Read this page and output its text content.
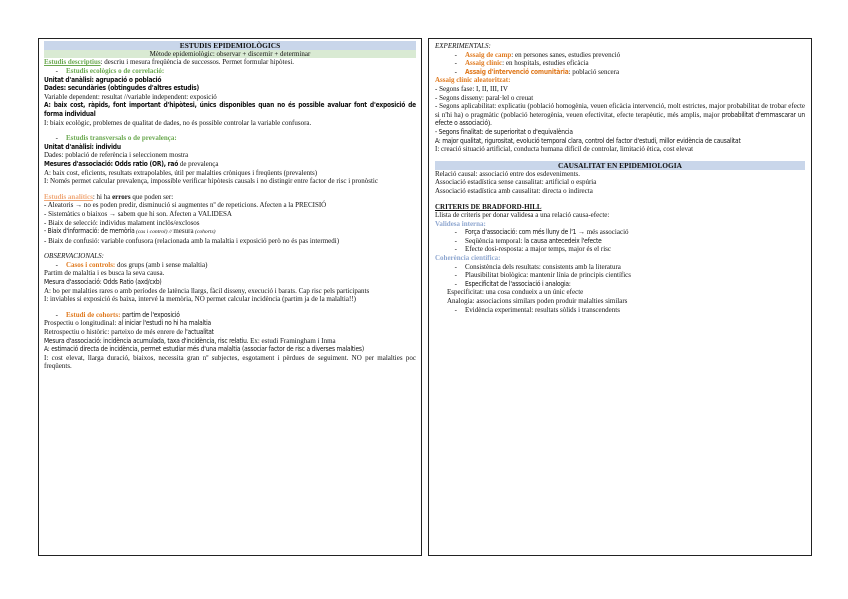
ESTUDIS EPIDEMIOLÒGICS
Mètode epidemiològic: observar + discernir + determinar
Estudis descriptius: descriu i mesura freqüència de successos. Permet formular hipòtesi.
-	Estudis ecològics o de correlació:
Unitat d'anàlisi: agrupació o població
Dades: secundàries (obtingudes d'altres estudis)
Variable dependent: resultat //variable independent: exposició
A: baix cost, ràpids, font important d'hipòtesi, únics disponibles quan no és possible avaluar font d'exposició de forma individual
I: biaix ecològic, problemes de qualitat de dades, no és possible controlar la variable confusora.
-	Estudis transversals o de prevalença:
Unitat d'anàlisi: individu
Dades: població de referència i seleccionem mostra
Mesures d'associació: Odds ratio (OR), raó de prevalença
A: baix cost, eficients, resultats extrapolables, útil per malalties cròniques i freqüents (prevalents)
I: Només permet calcular prevalença, impossible verificar hipòtesis causals i no distingir entre factor de risc i pronòstic
Estudis analítics: hi ha errors que poden ser:
- Aleatoris → no es poden predir, disminució si augmentes nº de repeticions. Afecten a la PRECISIÓ
- Sistemàtics o biaixos → sabem que hi son. Afecten a VALIDESA
- Biaix de selecció: individus malament inclòs/exclosos
- Biaix d'informació: de memòria (cas i control) // mesura (cohorts)
- Biaix de confusió: variable confusora (relacionada amb la malaltia i exposició però no és pas intermedi)
OBSERVACIONALS:
-	Casos i controls: dos grups (amb i sense malaltia)
Partim de malaltia i es busca la seva causa.
Mesura d'associació: Odds Ratio (axd/cxb)
A: bo per malalties rares o amb períodes de latència llargs, fàcil disseny, execució i barats. Cap risc pels participants
I: inviables si exposició és baixa, intervé la memòria, NO permet calcular incidència (partim ja de la malaltia!!)
-	Estudi de cohorts: partim de l'exposició
Prospectiu o longitudinal: al iniciar l'estudi no hi ha malaltia
Retrospectiu o històric: parteixo de més enrere de l'actualitat
Mesura d'associació: incidència acumulada, taxa d'incidència, risc relatiu. Ex: estudi Framingham i Inma
A: estimació directa de incidència, permet estudiar més d'una malaltia (associar factor de risc a diverses malalties)
I: cost elevat, llarga duració, biaixos, necessita gran nº subjectes, esgotament i pèrdues de seguiment. NO per malalties poc freqüents.
EXPERIMENTALS:
-	Assaig de camp: en persones sanes, estudies prevenció
-	Assaig clínic: en hospitals, estudies eficàcia
-	Assaig d'intervenció comunitària: població sencera
Assaig clínic aleatoritzat:
- Segons fase: I, II, III, IV
- Segons disseny: paral·lel o creuat
- Segons aplicabilitat: explicatiu (població homogènia, veuen eficàcia intervenció, molt estrictes, major probabilitat de trobar efecte si n'hi ha) o pragmàtic (població heterogènia, veuen efectivitat, efecte terapèutic, més amplis, major probabilitat d'emmascarar un efecte o associació).
- Segons finalitat: de superioritat o d'equivalència
A: major qualitat, rigurositat, evolució temporal clara, control del factor d'estudi, millor evidència de causalitat
I: creació situació artificial, conducta humana difícil de controlar, limitació ètica, cost elevat
CAUSALITAT EN EPIDEMIOLOGIA
Relació causal: associació entre dos esdeveniments.
Associació estadística sense causalitat: artificial o espúria
Associació estadística amb causalitat: directa o indirecta
CRITERIS DE BRADFORD-HILL
Llista de criteris per donar validesa a una relació causa-efecte:
Validesa interna:
-	Força d'associació: com més lluny de l'1 → més associació
-	Seqüència temporal: la causa antecedeix l'efecte
-	Efecte dosi-resposta: a major temps, major és el risc
Coherència científica:
-	Consistència dels resultats: consistents amb la literatura
-	Plausibilitat biològica: mantenir línia de principis científics
-	Especificitat de l'associació i analogia:
Especificitat: una cosa condueix a un únic efecte
Analogia: associacions similars poden produir malalties similars
-	Evidència experimental: resultats sòlids i transcendents
